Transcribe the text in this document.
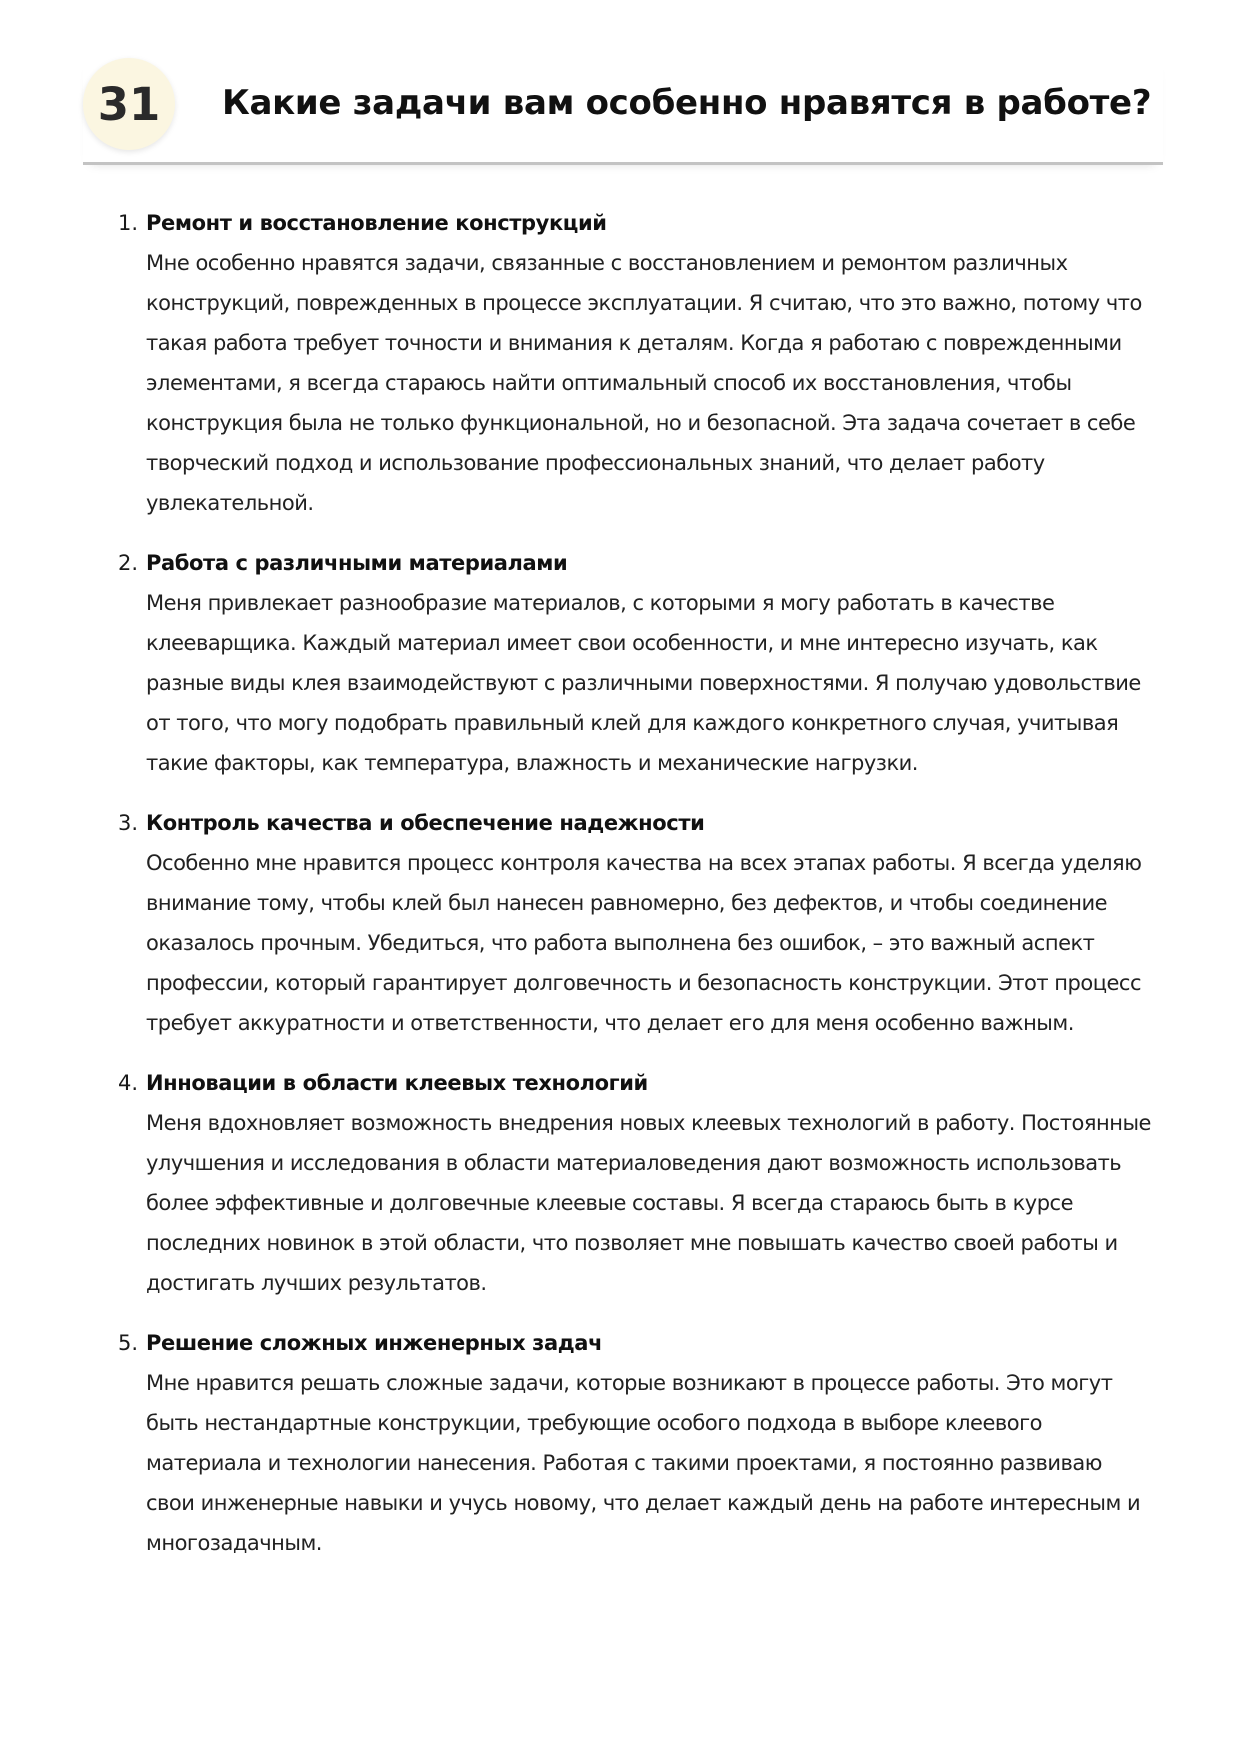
31	Какие задачи вам особенно нравятся в работе?
1. Ремонт и восстановление конструкций

Мне особенно нравятся задачи, связанные с восстановлением и ремонтом различных конструкций, поврежденных в процессе эксплуатации. Я считаю, что это важно, потому что такая работа требует точности и внимания к деталям. Когда я работаю с поврежденными элементами, я всегда стараюсь найти оптимальный способ их восстановления, чтобы конструкция была не только функциональной, но и безопасной. Эта задача сочетает в себе творческий подход и использование профессиональных знаний, что делает работу увлекательной.

2. Работа с различными материалами

Меня привлекает разнообразие материалов, с которыми я могу работать в качестве клееварщика. Каждый материал имеет свои особенности, и мне интересно изучать, как разные виды клея взаимодействуют с различными поверхностями. Я получаю удовольствие от того, что могу подобрать правильный клей для каждого конкретного случая, учитывая такие факторы, как температура, влажность и механические нагрузки.

3. Контроль качества и обеспечение надежности

Особенно мне нравится процесс контроля качества на всех этапах работы. Я всегда уделяю внимание тому, чтобы клей был нанесен равномерно, без дефектов, и чтобы соединение оказалось прочным. Убедиться, что работа выполнена без ошибок, – это важный аспект профессии, который гарантирует долговечность и безопасность конструкции. Этот процесс требует аккуратности и ответственности, что делает его для меня особенно важным.

4. Инновации в области клеевых технологий

Меня вдохновляет возможность внедрения новых клеевых технологий в работу. Постоянные улучшения и исследования в области материаловедения дают возможность использовать более эффективные и долговечные клеевые составы. Я всегда стараюсь быть в курсе последних новинок в этой области, что позволяет мне повышать качество своей работы и достигать лучших результатов.

5. Решение сложных инженерных задач

Мне нравится решать сложные задачи, которые возникают в процессе работы. Это могут быть нестандартные конструкции, требующие особого подхода в выборе клеевого материала и технологии нанесения. Работая с такими проектами, я постоянно развиваю свои инженерные навыки и учусь новому, что делает каждый день на работе интересным и многозадачным.
